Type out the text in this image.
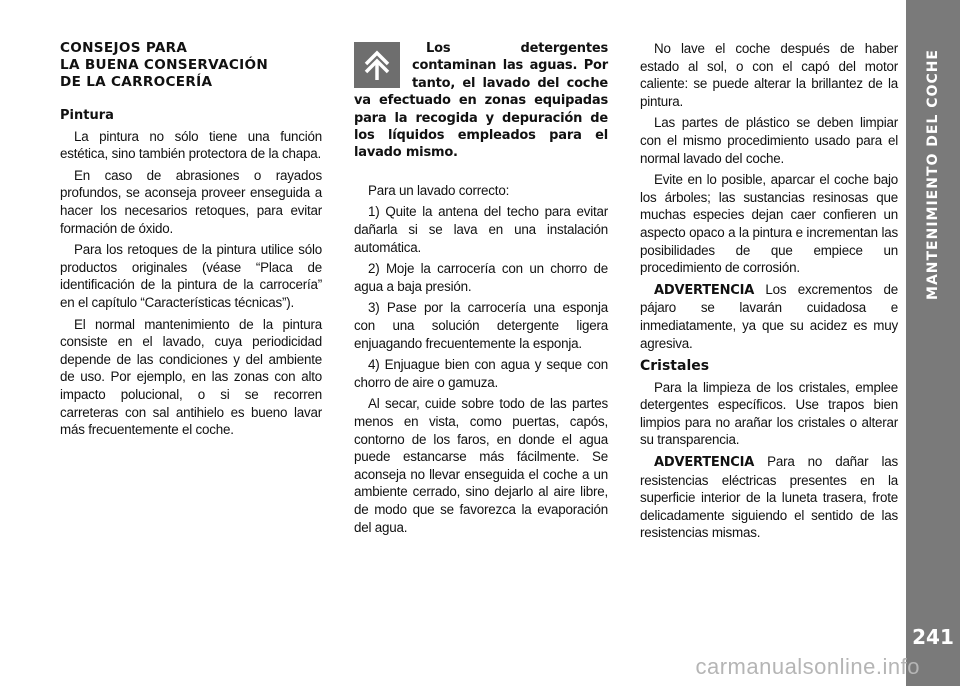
CONSEJOS PARA
LA BUENA CONSERVACIÓN
DE LA CARROCERÍA
Pintura

La pintura no sólo tiene una función estética, sino también protectora de la chapa.

En caso de abrasiones o rayados profundos, se aconseja proveer enseguida a hacer los necesarios retoques, para evitar formación de óxido.

Para los retoques de la pintura utilice sólo productos originales (véase “Placa de identificación de la pintura de la carrocería” en el capítulo “Características técnicas”).

El normal mantenimiento de la pintura consiste en el lavado, cuya periodicidad depende de las condiciones y del ambiente de uso. Por ejemplo, en las zonas con alto impacto polucional, o si se recorren carreteras con sal antihielo es bueno lavar más frecuentemente el coche.

Los detergentes contaminan las aguas. Por tanto, el lavado del coche va efectuado en zonas equipadas para la recogida y depuración de los líquidos empleados para el lavado mismo.

Para un lavado correcto:

1) Quite la antena del techo para evitar dañarla si se lava en una instalación automática.

2) Moje la carrocería con un chorro de agua a baja presión.

3) Pase por la carrocería una esponja con una solución detergente ligera enjuagando frecuentemente la esponja.

4) Enjuague bien con agua y seque con chorro de aire o gamuza.

Al secar, cuide sobre todo de las partes menos en vista, como puertas, capós, contorno de los faros, en donde el agua puede estancarse más fácilmente. Se aconseja no llevar enseguida el coche a un ambiente cerrado, sino dejarlo al aire libre, de modo que se favorezca la evaporación del agua.

No lave el coche después de haber estado al sol, o con el capó del motor caliente: se puede alterar la brillantez de la pintura.

Las partes de plástico se deben limpiar con el mismo procedimiento usado para el normal lavado del coche.

Evite en lo posible, aparcar el coche bajo los árboles; las sustancias resinosas que muchas especies dejan caer confieren un aspecto opaco a la pintura e incrementan las posibilidades de que empiece un procedimiento de corrosión.

ADVERTENCIA Los excrementos de pájaro se lavarán cuidadosa e inmediatamente, ya que su acidez es muy agresiva.

Cristales

Para la limpieza de los cristales, emplee detergentes específicos. Use trapos bien limpios para no arañar los cristales o alterar su transparencia.

ADVERTENCIA Para no dañar las resistencias eléctricas presentes en la superficie interior de la luneta trasera, frote delicadamente siguiendo el sentido de las resistencias mismas.

MANTENIMIENTO DEL COCHE
241
carmanualsonline.info
